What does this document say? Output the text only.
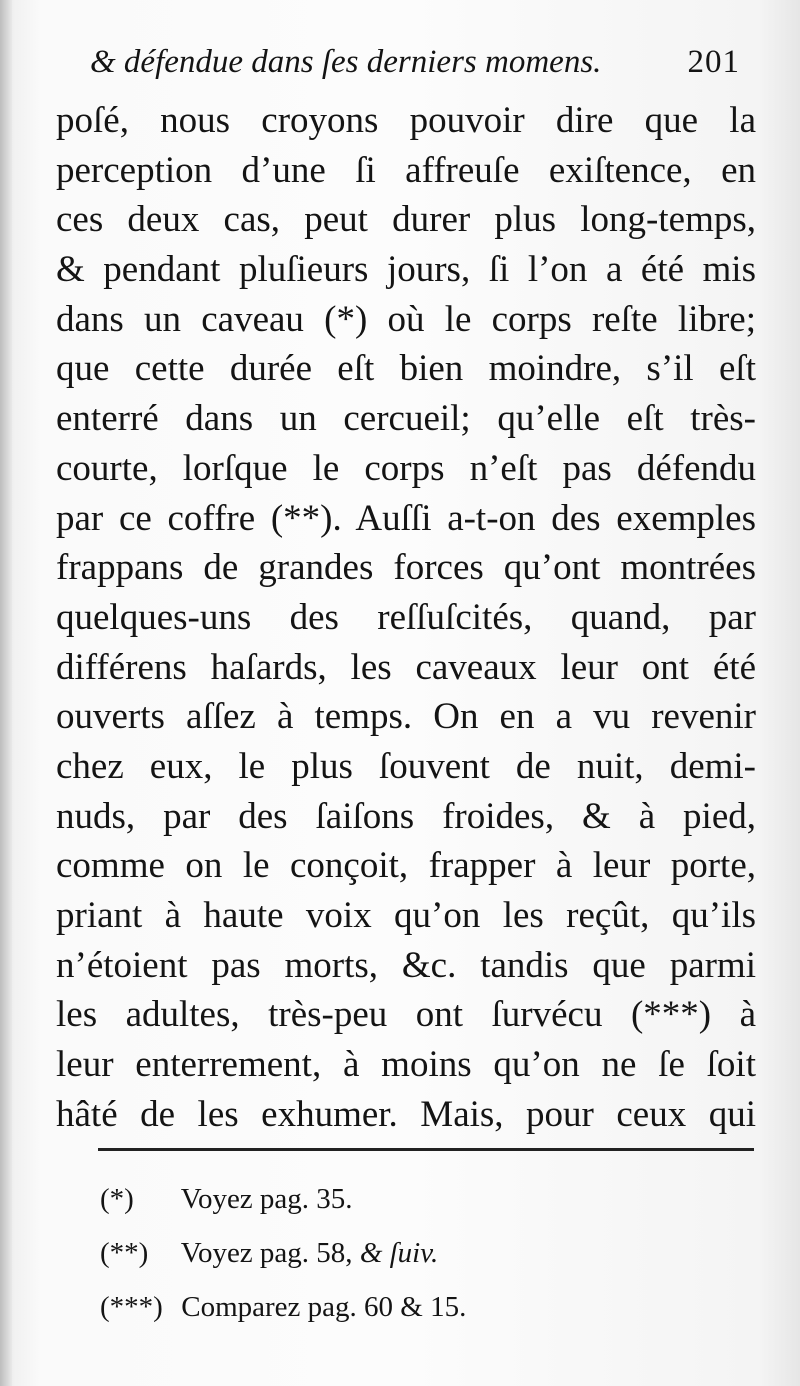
& défendue dans ſes derniers momens.	201
poſé, nous croyons pouvoir dire que la
perception d’une ſi affreuſe exiſtence, en
ces deux cas, peut durer plus long-temps,
& pendant pluſieurs jours, ſi l’on a été mis
dans un caveau (*) où le corps reſte libre;
que cette durée eſt bien moindre, s’il eſt
enterré dans un cercueil; qu’elle eſt très-
courte, lorſque le corps n’eſt pas défendu
par ce coffre (**). Auſſi a-t-on des exemples
frappans de grandes forces qu’ont montrées
quelques-uns des reſſuſcités, quand, par
différens haſards, les caveaux leur ont été
ouverts aſſez à temps. On en a vu revenir
chez eux, le plus ſouvent de nuit, demi-
nuds, par des ſaiſons froides, & à pied,
comme on le conçoit, frapper à leur porte,
priant à haute voix qu’on les reçût, qu’ils
n’étoient pas morts, &c. tandis que parmi
les adultes, très-peu ont ſurvécu (***) à
leur enterrement, à moins qu’on ne ſe ſoit
hâté de les exhumer. Mais, pour ceux qui
(*) Voyez pag. 35.
(**) Voyez pag. 58, & ſuiv.
(***) Comparez pag. 60 & 15.
